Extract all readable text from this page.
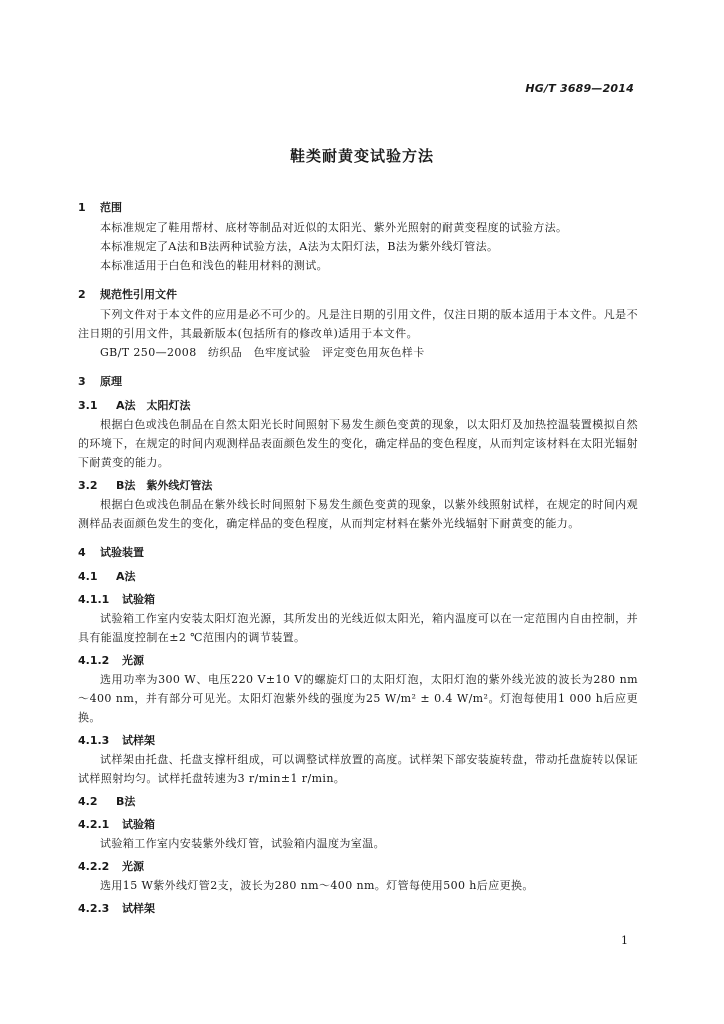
HG/T 3689—2014
鞋类耐黄变试验方法
1 范围

本标准规定了鞋用帮材、底材等制品对近似的太阳光、紫外光照射的耐黄变程度的试验方法。

本标准规定了A法和B法两种试验方法，A法为太阳灯法，B法为紫外线灯管法。

本标准适用于白色和浅色的鞋用材料的测试。

2 规范性引用文件

下列文件对于本文件的应用是必不可少的。凡是注日期的引用文件，仅注日期的版本适用于本文件。凡是不注日期的引用文件，其最新版本(包括所有的修改单)适用于本文件。

GB/T 250—2008　纺织品　色牢度试验　评定变色用灰色样卡

3 原理
3.1 A法　太阳灯法

根据白色或浅色制品在自然太阳光长时间照射下易发生颜色变黄的现象，以太阳灯及加热控温装置模拟自然的环境下，在规定的时间内观测样品表面颜色发生的变化，确定样品的变色程度，从而判定该材料在太阳光辐射下耐黄变的能力。

3.2 B法　紫外线灯管法

根据白色或浅色制品在紫外线长时间照射下易发生颜色变黄的现象，以紫外线照射试样，在规定的时间内观测样品表面颜色发生的变化，确定样品的变色程度，从而判定材料在紫外光线辐射下耐黄变的能力。

4 试验装置
4.1 A法
4.1.1 试验箱

试验箱工作室内安装太阳灯泡光源，其所发出的光线近似太阳光，箱内温度可以在一定范围内自由控制，并具有能温度控制在±2 ℃范围内的调节装置。

4.1.2 光源

选用功率为300 W、电压220 V±10 V的螺旋灯口的太阳灯泡，太阳灯泡的紫外线光波的波长为280 nm～400 nm，并有部分可见光。太阳灯泡紫外线的强度为25 W/m² ± 0.4 W/m²。灯泡每使用1 000 h后应更换。

4.1.3 试样架

试样架由托盘、托盘支撑杆组成，可以调整试样放置的高度。试样架下部安装旋转盘，带动托盘旋转以保证试样照射均匀。试样托盘转速为3 r/min±1 r/min。

4.2 B法
4.2.1 试验箱

试验箱工作室内安装紫外线灯管，试验箱内温度为室温。

4.2.2 光源

选用15 W紫外线灯管2支，波长为280 nm～400 nm。灯管每使用500 h后应更换。

4.2.3 试样架
1
